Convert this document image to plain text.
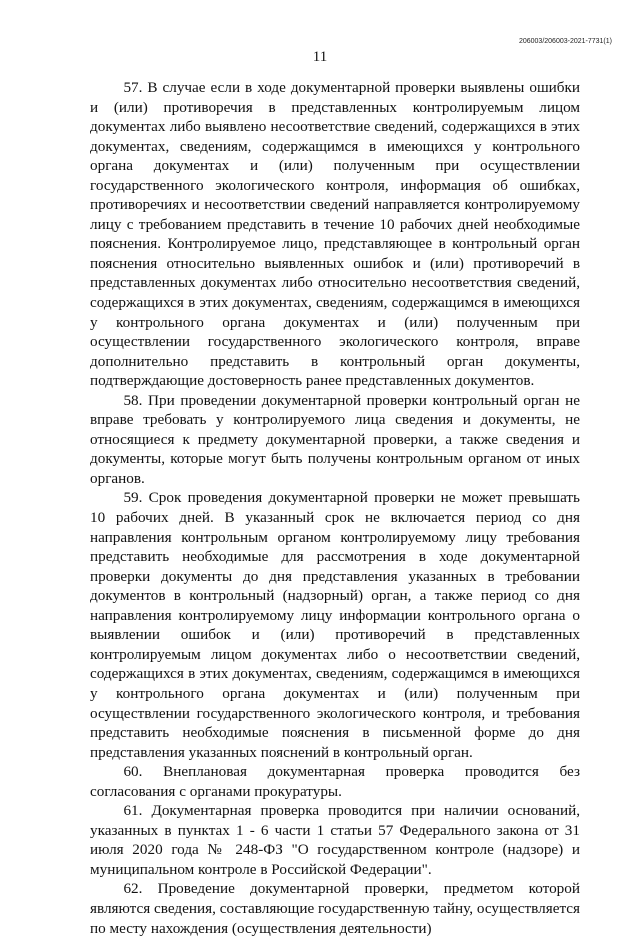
206003/206003-2021-7731(1)
11

57. В случае если в ходе документарной проверки выявлены ошибки и (или) противоречия в представленных контролируемым лицом документах либо выявлено несоответствие сведений, содержащихся в этих документах, сведениям, содержащимся в имеющихся у контрольного органа документах и (или) полученным при осуществлении государственного экологического контроля, информация об ошибках, противоречиях и несоответствии сведений направляется контролируемому лицу с требованием представить в течение 10 рабочих дней необходимые пояснения. Контролируемое лицо, представляющее в контрольный орган пояснения относительно выявленных ошибок и (или) противоречий в представленных документах либо относительно несоответствия сведений, содержащихся в этих документах, сведениям, содержащимся в имеющихся у контрольного органа документах и (или) полученным при осуществлении государственного экологического контроля, вправе дополнительно представить в контрольный орган документы, подтверждающие достоверность ранее представленных документов.

58. При проведении документарной проверки контрольный орган не вправе требовать у контролируемого лица сведения и документы, не относящиеся к предмету документарной проверки, а также сведения и документы, которые могут быть получены контрольным органом от иных органов.

59. Срок проведения документарной проверки не может превышать 10 рабочих дней. В указанный срок не включается период со дня направления контрольным органом контролируемому лицу требования представить необходимые для рассмотрения в ходе документарной проверки документы до дня представления указанных в требовании документов в контрольный (надзорный) орган, а также период со дня направления контролируемому лицу информации контрольного органа о выявлении ошибок и (или) противоречий в представленных контролируемым лицом документах либо о несоответствии сведений, содержащихся в этих документах, сведениям, содержащимся в имеющихся у контрольного органа документах и (или) полученным при осуществлении государственного экологического контроля, и требования представить необходимые пояснения в письменной форме до дня представления указанных пояснений в контрольный орган.

60. Внеплановая документарная проверка проводится без согласования с органами прокуратуры.

61. Документарная проверка проводится при наличии оснований, указанных в пунктах 1 - 6 части 1 статьи 57 Федерального закона от 31 июля 2020 года № 248-ФЗ "О государственном контроле (надзоре) и муниципальном контроле в Российской Федерации".

62. Проведение документарной проверки, предметом которой являются сведения, составляющие государственную тайну, осуществляется по месту нахождения (осуществления деятельности)
